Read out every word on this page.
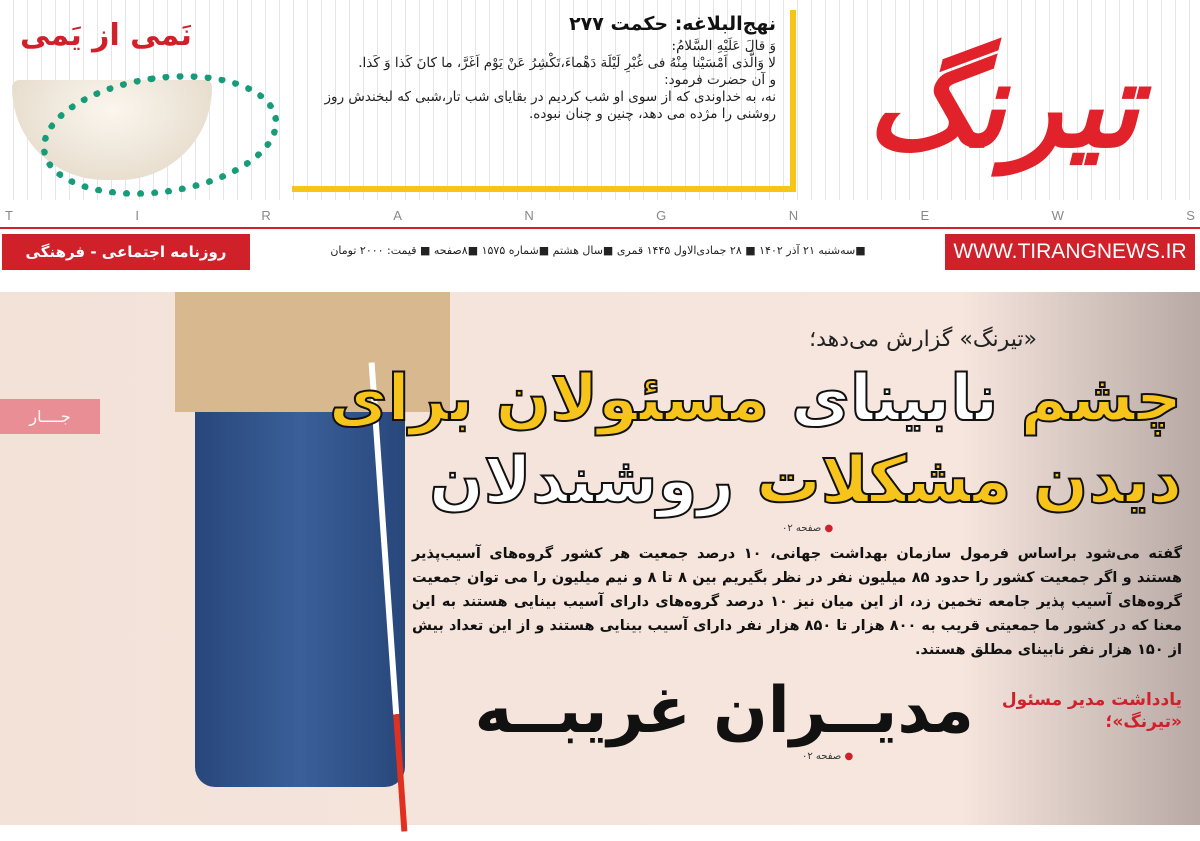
تیرنگ
نهج‌البلاغه: حکمت ۲۷۷

وَ قالَ عَلَيْهِ السَّلامُ:

لا وَالَّذى اَمْسَيْنا مِنْهُ فى غُبْرِ لَيْلَة دَهْماءَ،تَكْشِرُ عَنْ يَوْم اَغَرَّ، ما كانَ كَذا وَ كَذا.

و آن حضرت فرمود:

نه، به خداوندی که از سوی او شب کردیم در بقایای شب تار،شبی که لبخندش روز روشنی را مژده می دهد، چنین و چنان نبوده.

نَمی از یَمی
T	I	R	A	N	G	N	E	W	S
WWW.TIRANGNEWS.IR
■سه‌شنبه ۲۱ آذر ۱۴۰۲ ■ ۲۸ جمادی‌الاول ۱۴۴۵ قمری ■سال هشتم ■شماره ۱۵۷۵ ■۸صفحه ■ قیمت: ۲۰۰۰ تومان
روزنامه اجتماعی - فرهنگی
جــــار
«تیرنگ» گزارش می‌دهد؛
چشم نابینای مسئولان برای
دیدن مشکلات روشندلان
● صفحه ۰۲
گفته می‌شود براساس فرمول سازمان بهداشت جهانی، ۱۰ درصد جمعیت هر کشور گروه‌های آسیب‌پذیر هستند و اگر جمعیت کشور را حدود ۸۵ میلیون نفر در نظر بگیریم بین ۸ تا ۸ و نیم میلیون را می توان جمعیت گروه‌های آسیب پذیر جامعه تخمین زد، از این میان نیز ۱۰ درصد گروه‌های دارای آسیب بینایی هستند به این معنا که در کشور ما جمعیتی قریب به ۸۰۰ هزار تا ۸۵۰ هزار نفر دارای آسیب بینایی هستند و از این تعداد بیش از ۱۵۰ هزار نفر نابینای مطلق هستند.
یادداشت مدیر مسئول
«تیرنگ»؛
مدیــران غریبــه
● صفحه ۰۲
